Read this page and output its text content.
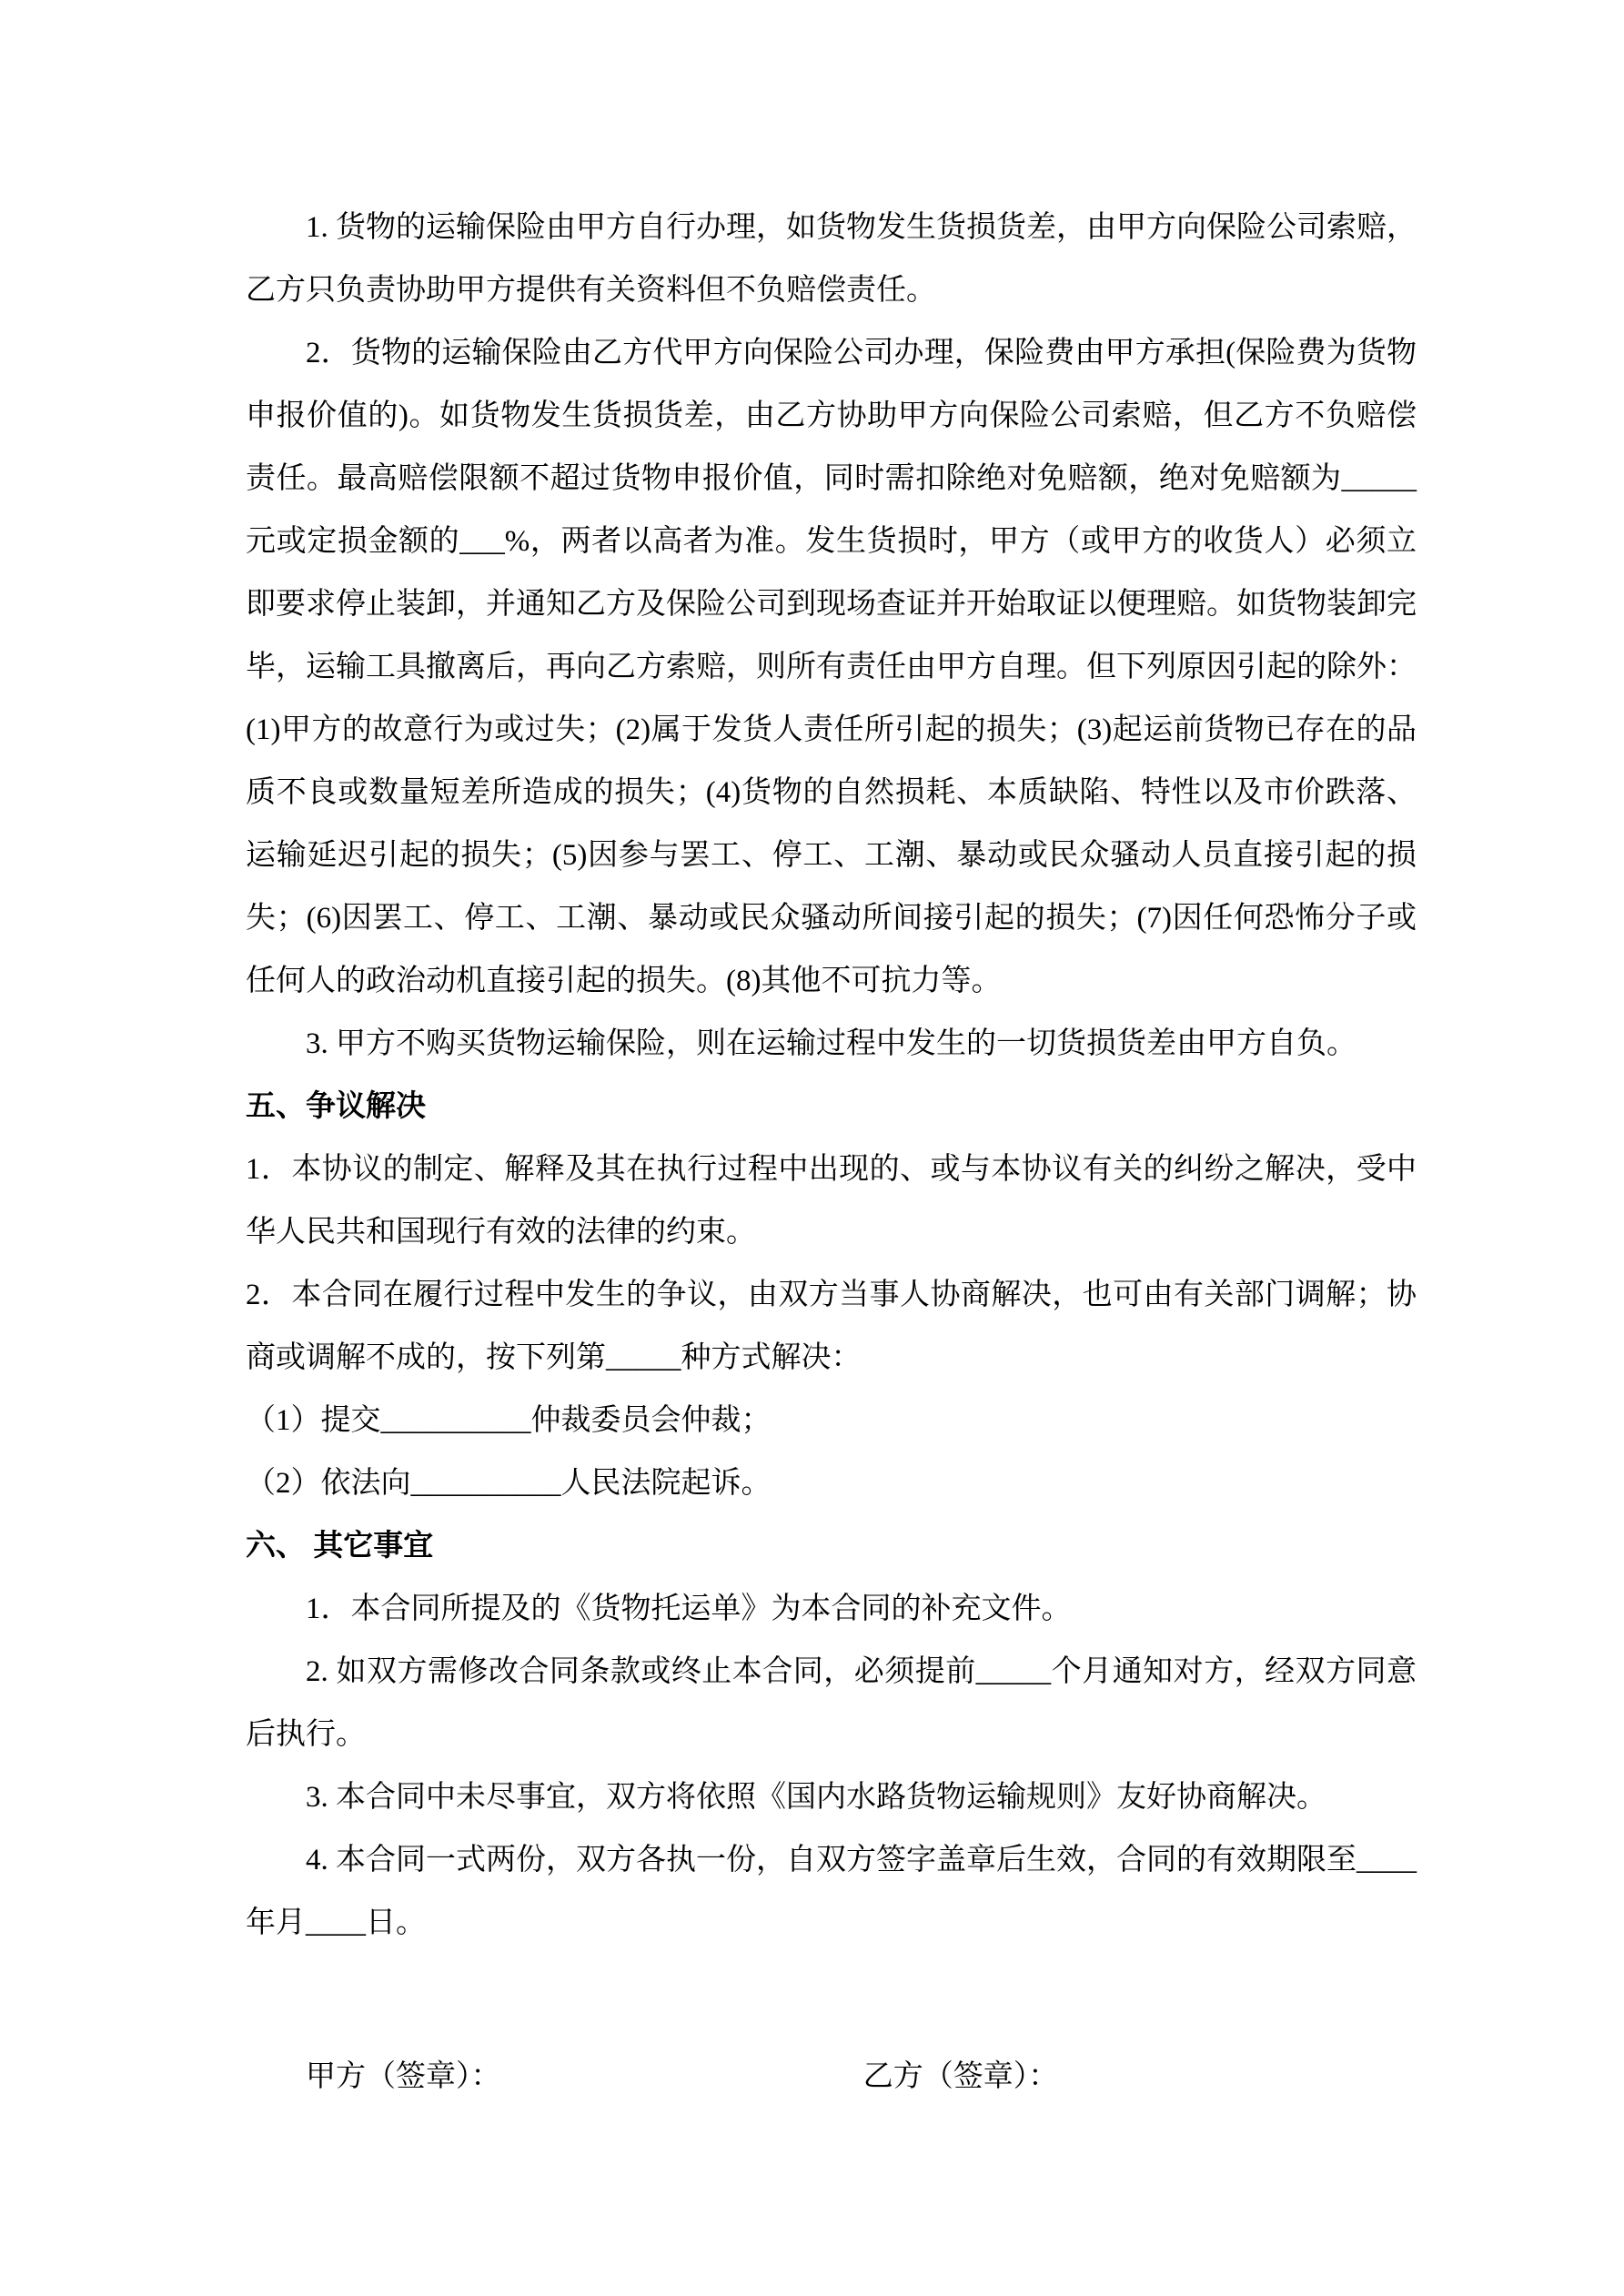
1. 货物的运输保险由甲方自行办理，如货物发生货损货差，由甲方向保险公司索赔，乙方只负责协助甲方提供有关资料但不负赔偿责任。

2．货物的运输保险由乙方代甲方向保险公司办理，保险费由甲方承担(保险费为货物申报价值的)。如货物发生货损货差，由乙方协助甲方向保险公司索赔，但乙方不负赔偿责任。最高赔偿限额不超过货物申报价值，同时需扣除绝对免赔额，绝对免赔额为_____元或定损金额的___%，两者以高者为准。发生货损时，甲方（或甲方的收货人）必须立即要求停止装卸，并通知乙方及保险公司到现场查证并开始取证以便理赔。如货物装卸完毕，运输工具撤离后，再向乙方索赔，则所有责任由甲方自理。但下列原因引起的除外：(1)甲方的故意行为或过失；(2)属于发货人责任所引起的损失；(3)起运前货物已存在的品质不良或数量短差所造成的损失；(4)货物的自然损耗、本质缺陷、特性以及市价跌落、运输延迟引起的损失；(5)因参与罢工、停工、工潮、暴动或民众骚动人员直接引起的损失；(6)因罢工、停工、工潮、暴动或民众骚动所间接引起的损失；(7)因任何恐怖分子或任何人的政治动机直接引起的损失。(8)其他不可抗力等。

3. 甲方不购买货物运输保险，则在运输过程中发生的一切货损货差由甲方自负。

五、争议解决

1．本协议的制定、解释及其在执行过程中出现的、或与本协议有关的纠纷之解决，受中华人民共和国现行有效的法律的约束。

2．本合同在履行过程中发生的争议，由双方当事人协商解决，也可由有关部门调解；协商或调解不成的，按下列第_____种方式解决：

（1）提交__________仲裁委员会仲裁；

（2）依法向__________人民法院起诉。

六、 其它事宜

1．本合同所提及的《货物托运单》为本合同的补充文件。

2. 如双方需修改合同条款或终止本合同，必须提前_____个月通知对方，经双方同意后执行。

3. 本合同中未尽事宜，双方将依照《国内水路货物运输规则》友好协商解决。

4. 本合同一式两份，双方各执一份，自双方签字盖章后生效，合同的有效期限至____年月____日。

甲方（签章）：	乙方（签章）：
